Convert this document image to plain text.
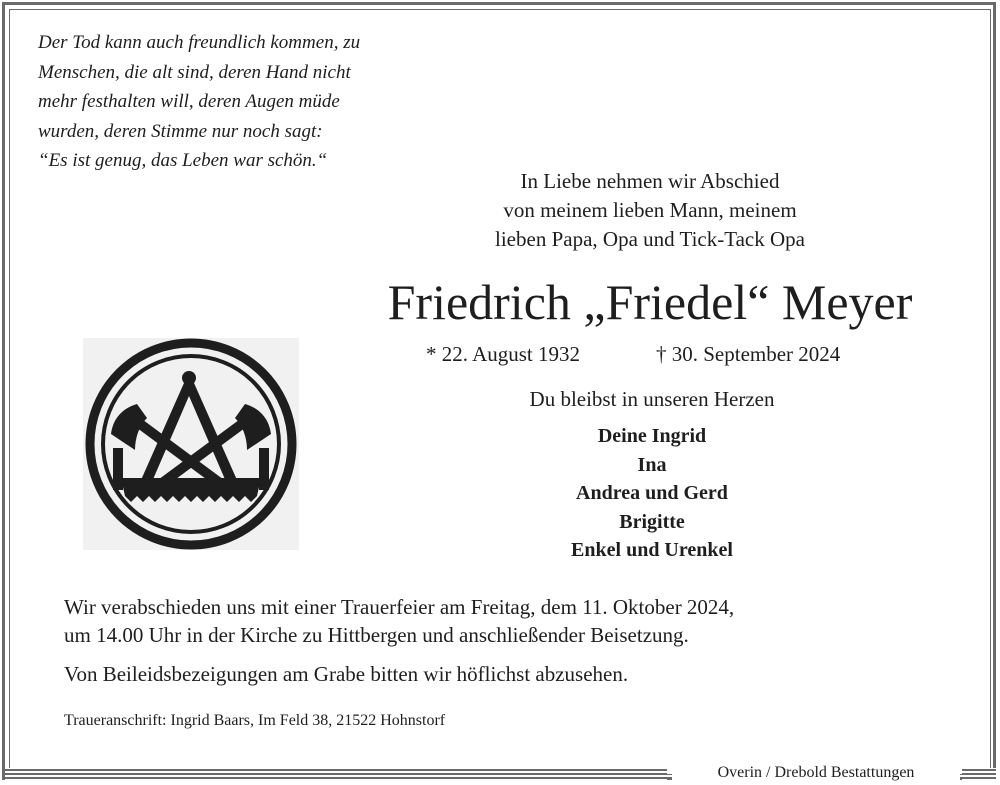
Der Tod kann auch freundlich kommen, zu
Menschen, die alt sind, deren Hand nicht
mehr festhalten will, deren Augen müde
wurden, deren Stimme nur noch sagt:
“Es ist genug, das Leben war schön.“
In Liebe nehmen wir Abschied
von meinem lieben Mann, meinem
lieben Papa, Opa und Tick-Tack Opa
Friedrich „Friedel“ Meyer
* 22. August 1932	† 30. September 2024
Du bleibst in unseren Herzen
Deine Ingrid
Ina
Andrea und Gerd
Brigitte
Enkel und Urenkel
Wir verabschieden uns mit einer Trauerfeier am Freitag, dem 11. Oktober 2024,
um 14.00 Uhr in der Kirche zu Hittbergen und anschließender Beisetzung.
Von Beileidsbezeigungen am Grabe bitten wir höflichst abzusehen.
Traueranschrift: Ingrid Baars, Im Feld 38, 21522 Hohnstorf
Overin / Drebold Bestattungen
